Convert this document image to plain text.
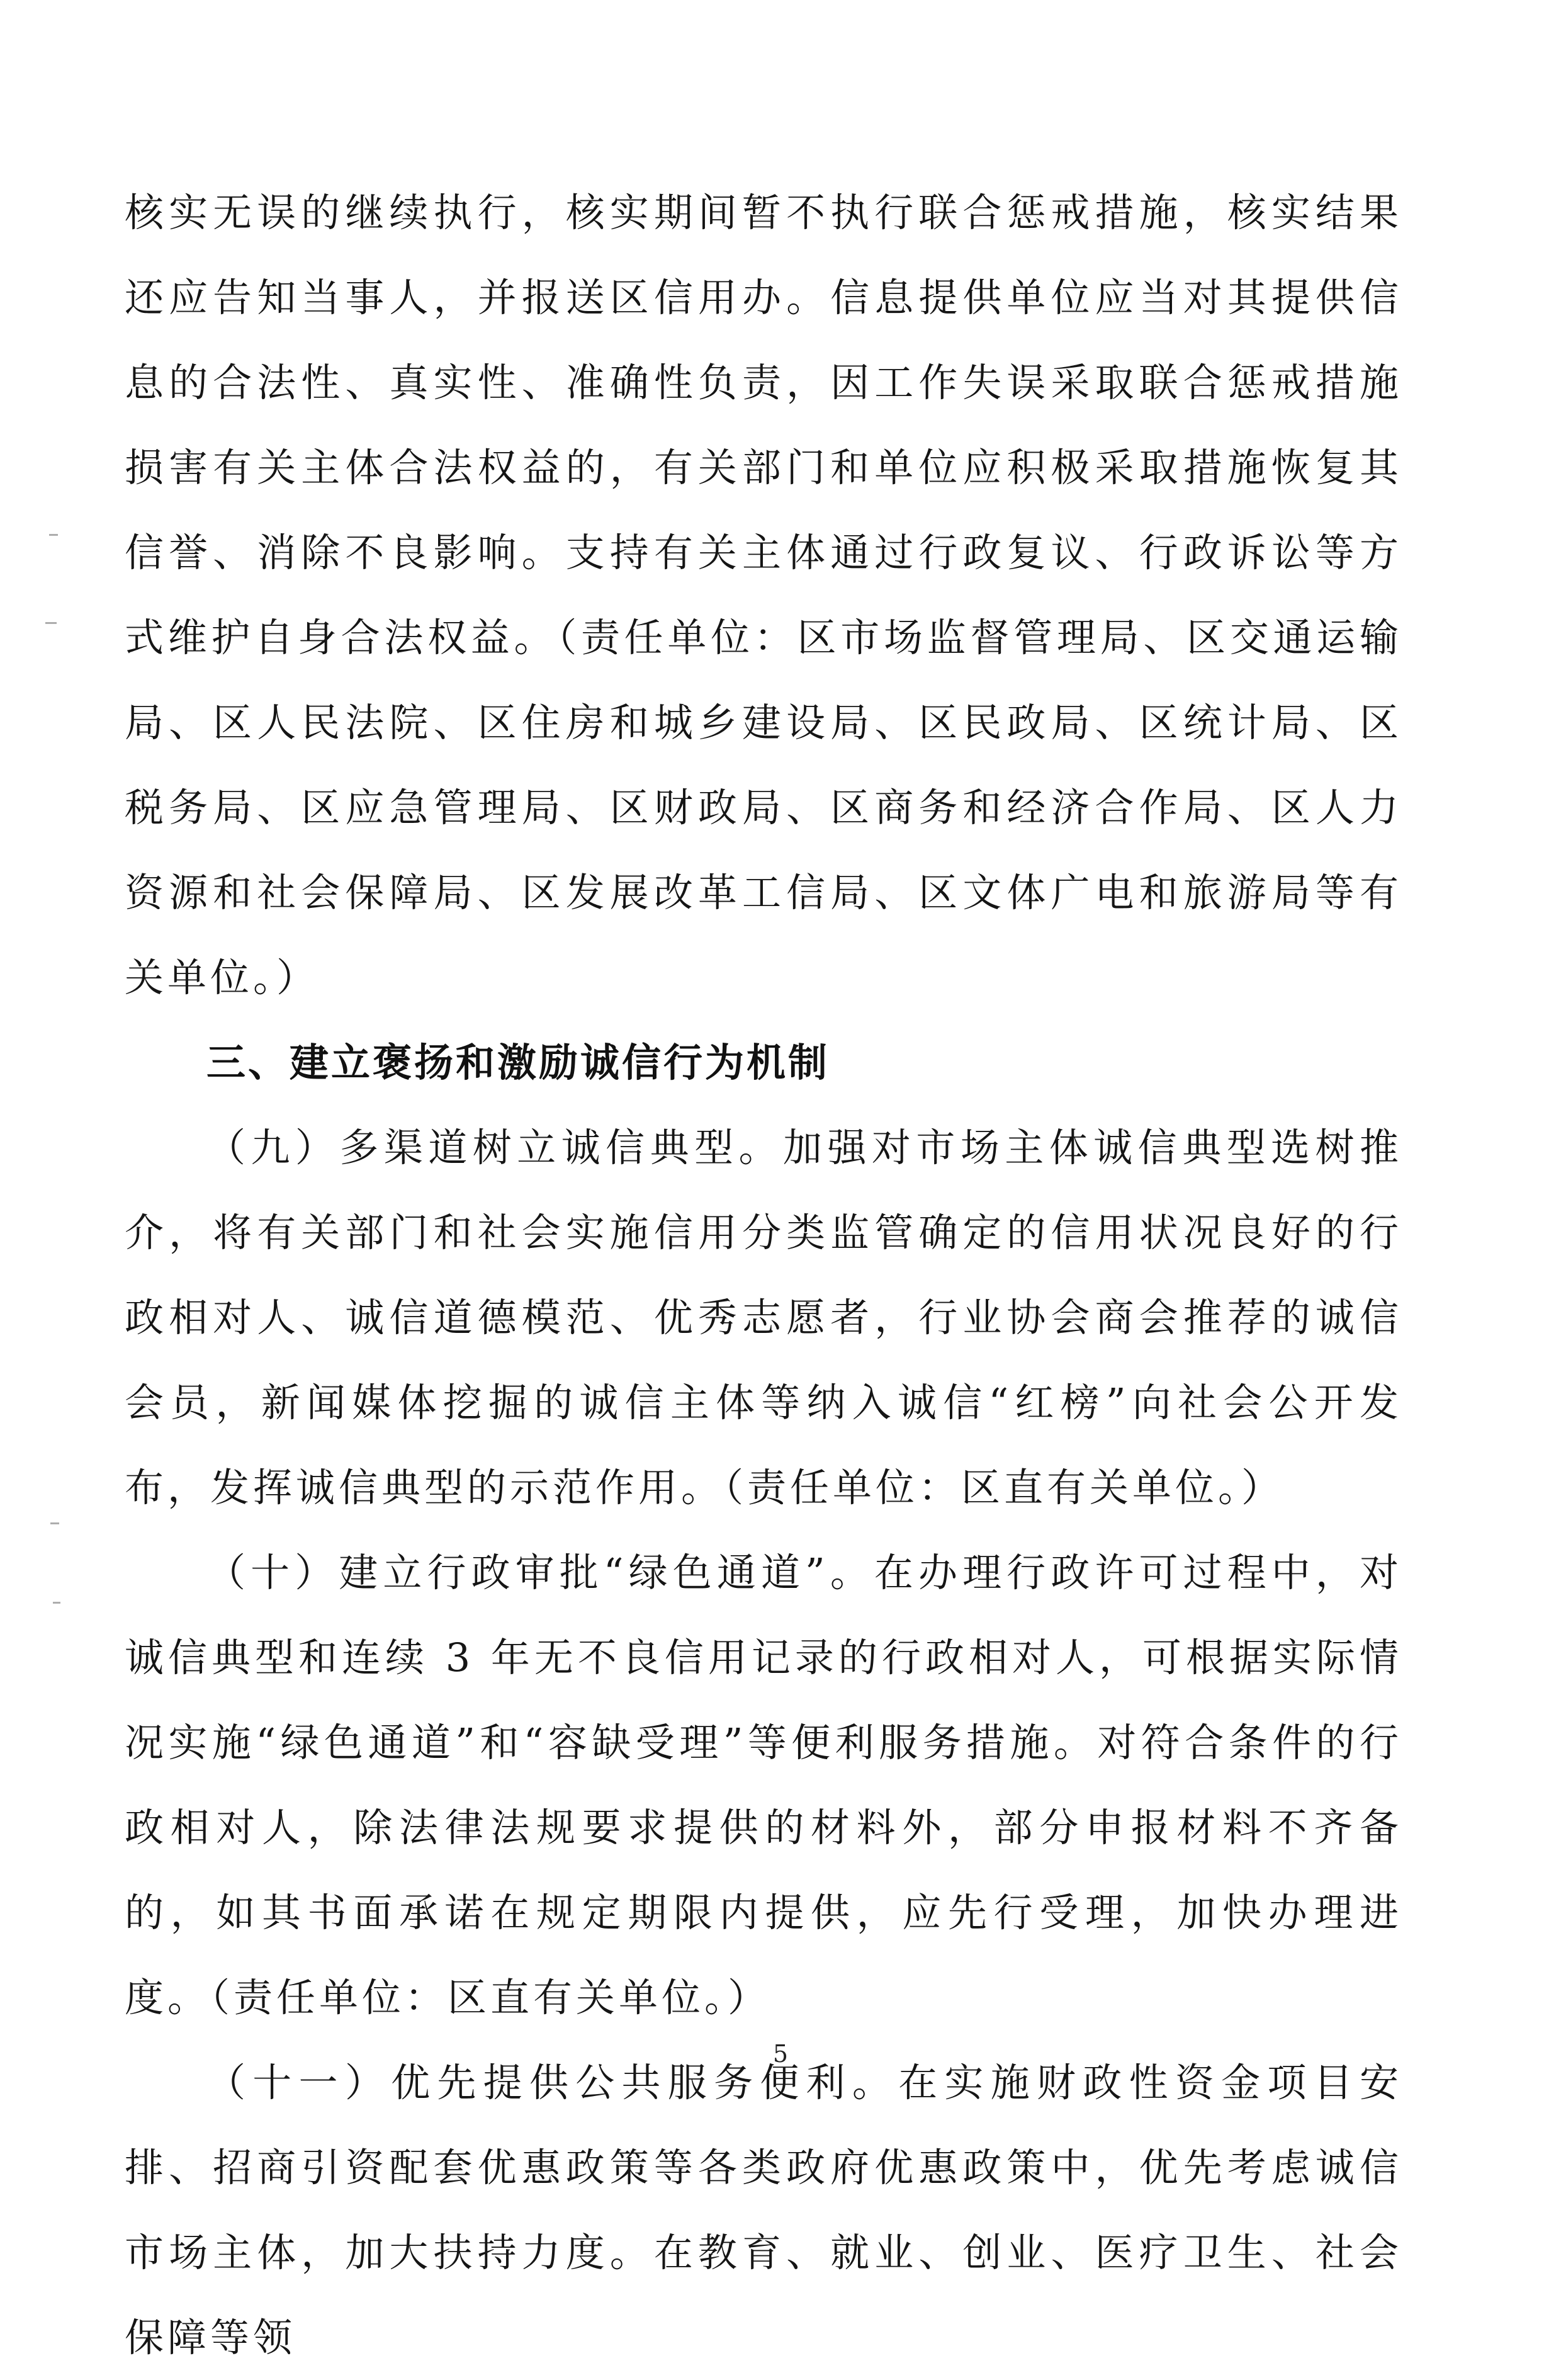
核实无误的继续执行，核实期间暂不执行联合惩戒措施，核实结果还应告知当事人，并报送区信用办。信息提供单位应当对其提供信息的合法性、真实性、准确性负责，因工作失误采取联合惩戒措施损害有关主体合法权益的，有关部门和单位应积极采取措施恢复其信誉、消除不良影响。支持有关主体通过行政复议、行政诉讼等方式维护自身合法权益。（责任单位：区市场监督管理局、区交通运输局、区人民法院、区住房和城乡建设局、区民政局、区统计局、区税务局、区应急管理局、区财政局、区商务和经济合作局、区人力资源和社会保障局、区发展改革工信局、区文体广电和旅游局等有关单位。）

三、建立褒扬和激励诚信行为机制

（九）多渠道树立诚信典型。加强对市场主体诚信典型选树推介，将有关部门和社会实施信用分类监管确定的信用状况良好的行政相对人、诚信道德模范、优秀志愿者，行业协会商会推荐的诚信会员，新闻媒体挖掘的诚信主体等纳入诚信“红榜”向社会公开发布，发挥诚信典型的示范作用。（责任单位：区直有关单位。）

（十）建立行政审批“绿色通道”。在办理行政许可过程中，对诚信典型和连续 3 年无不良信用记录的行政相对人，可根据实际情况实施“绿色通道”和“容缺受理”等便利服务措施。对符合条件的行政相对人，除法律法规要求提供的材料外，部分申报材料不齐备的，如其书面承诺在规定期限内提供，应先行受理，加快办理进度。（责任单位：区直有关单位。）

（十一）优先提供公共服务便利。在实施财政性资金项目安排、招商引资配套优惠政策等各类政府优惠政策中，优先考虑诚信市场主体，加大扶持力度。在教育、就业、创业、医疗卫生、社会保障等领

5
